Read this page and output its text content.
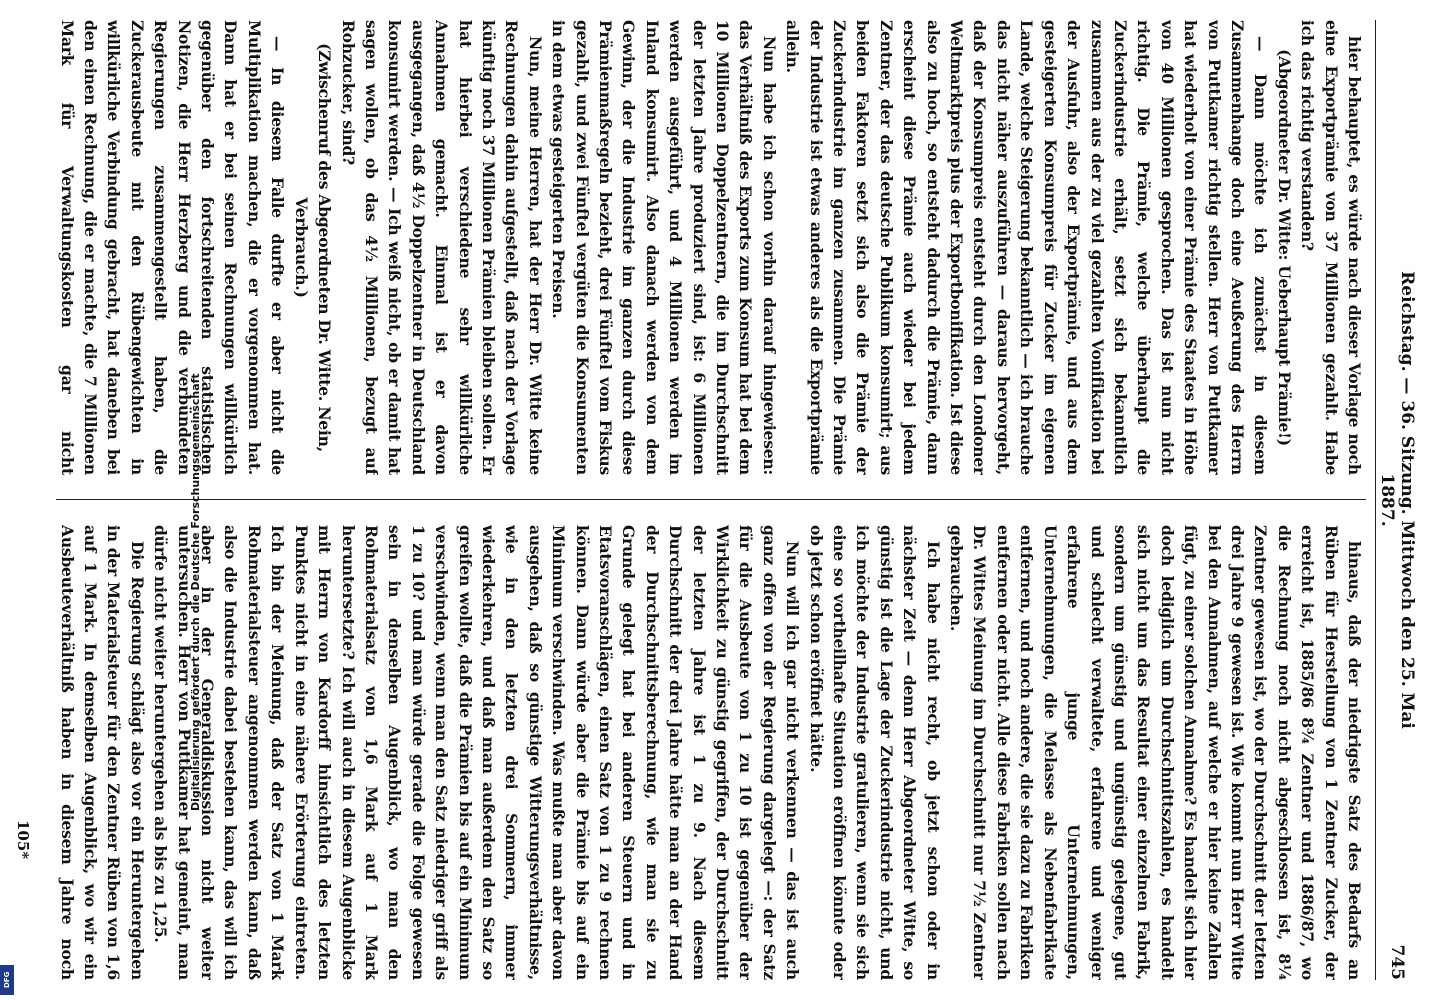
Reichstag. — 36. Sitzung. Mittwoch den 25. Mai 1887.
745

hier behauptet, es würde nach dieser Vorlage noch eine Exportprämie von 37 Millionen gezahlt. Habe ich das richtig verstanden?

(Abgeordneter Dr. Witte: Ueberhaupt Prämie!)

— Dann möchte ich zunächst in diesem Zusammenhange doch eine Aeußerung des Herrn von Puttkamer richtig stellen. Herr von Puttkamer hat wiederholt von einer Prämie des Staates in Höhe von 40 Millionen gesprochen. Das ist nun nicht richtig. Die Prämie, welche überhaupt die Zuckerindustrie erhält, setzt sich bekanntlich zusammen aus der zu viel gezahlten Vonifikation bei der Ausfuhr, also der Exportprämie, und aus dem gesteigerten Konsumpreis für Zucker im eigenen Lande, welche Steigerung bekanntlich — ich brauche das nicht näher auszuführen — daraus hervorgeht, daß der Konsumpreis entsteht durch den Londoner Weltmarktpreis plus der Exportbonifikation. Ist diese also zu hoch, so entsteht dadurch die Prämie, dann erscheint diese Prämie auch wieder bei jedem Zentner, der das deutsche Publikum konsumirt; aus beiden Faktoren setzt sich also die Prämie der Zuckerindustrie im ganzen zusammen. Die Prämie der Industrie ist etwas anderes als die Exportprämie allein.

Nun habe ich schon vorhin darauf hingewiesen: das Verhältniß des Exports zum Konsum hat bei dem 10 Millionen Doppelzentnern, die im Durchschnitt der letzten Jahre produziert sind, ist: 6 Millionen werden ausgeführt, und 4 Millionen werden im Inland konsumirt. Also danach werden von dem Gewinn, der die Industrie im ganzen durch diese Prämienmaßregeln bezieht, drei Fünftel vom Fiskus gezahlt, und zwei Fünftel vergüten die Konsumenten in dem etwas gesteigerten Preisen.

Nun, meine Herren, hat der Herr Dr. Witte keine Rechnungen dahin aufgestellt, daß nach der Vorlage künftig noch 37 Millionen Prämien bleiben sollen. Er hat hierbei verschiedene sehr willkürliche Annahmen gemacht. Einmal ist er davon ausgegangen, daß 4½ Doppelzentner in Deutschland konsumirt werden. — Ich weiß nicht, ob er damit hat sagen wollen, ob das 4½ Millionen, bezugt auf Rohzucker, sind?

(Zwischenruf des Abgeordneten Dr. Witte. Nein, Verbrauch.)

— In diesem Falle durfte er aber nicht die Multiplikation machen, die er vorgenommen hat. Dann hat er bei seinen Rechnungen willkürlich gegenüber den fortschreitenden statistischen Notizen, die Herr Herzberg und die verbündeten Regierungen zusammengestellt haben, die Zuckerausbeute mit den Rübengewichten in willkürliche Verbindung gebracht, hat daneben bei den einen Rechnung, die er machte, die 7 Millionen Mark für Verwaltungskosten gar nicht

hinaus, daß der niedrigste Satz des Bedarfs an Rüben für Herstellung von 1 Zentner Zucker, der erreicht ist, 1885/86 8¾ Zentner und 1886/87, wo die Rechnung noch nicht abgeschlossen ist, 8¼ Zentner gewesen ist, wo der Durchschnitt der letzten drei Jahre 9 gewesen ist. Wie kommt nun Herr Witte bei den Annahmen, auf welche er hier keine Zahlen fügt, zu einer solchen Annahme? Es handelt sich hier doch lediglich um Durchschnittszahlen, es handelt sich nicht um das Resultat einer einzelnen Fabrik, sondern um günstig und ungünstig gelegene, gut und schlecht verwaltete, erfahrene und weniger erfahrene junge Unternehmungen, Unternehmungen, die Melasse als Nebenfabrikate entfernen, und noch andere, die sie dazu zu Fabriken entfernen oder nicht. Alle diese Fabriken sollen nach Dr. Wittes Meinung im Durchschnitt nur 7½ Zentner gebrauchen.

Ich habe nicht recht, ob jetzt schon oder in nächster Zeit — denn Herr Abgeordneter Witte, so günstig ist die Lage der Zuckerindustrie nicht, und ich möchte der Industrie gratulieren, wenn sie sich eine so vortheilhafte Situation eröffnen könnte oder ob jetzt schon eröffnet hätte.

Nun will ich gar nicht verkennen — das ist auch ganz offen von der Regierung dargelegt —: der Satz für die Ausbeute von 1 zu 10 ist gegenüber der Wirklichkeit zu günstig gegriffen, der Durchschnitt der letzten Jahre ist 1 zu 9. Nach diesem Durchschnitt der drei Jahre hätte man an der Hand der Durchschnittsberechnung, wie man sie zu Grunde gelegt hat bei anderen Steuern und in Etatsvoranschlägen, einen Satz von 1 zu 9 rechnen können. Dann würde aber die Prämie bis auf ein Minimum verschwinden. Was mußte man aber davon ausgehen, daß so günstige Witterungsverhältnisse, wie in den letzten drei Sommern, immer wiederkehren, und daß man außerdem den Satz so greifen wollte, daß die Prämien bis auf ein Minimum verschwinden, wenn man den Satz niedriger griff als 1 zu 10? und man würde gerade die Folge gewesen sein in denselben Augenblick, wo man den Rohmaterialsatz von 1,6 Mark auf 1 Mark heruntersetzte? Ich will auch in diesem Augenblicke mit Herrn von Kardorff hinsichtlich des letzten Punktes nicht in eine nähere Erörterung eintreten. Ich bin der Meinung, daß der Satz von 1 Mark Rohmaterialsteuer angenommen werden kann, daß also die Industrie dabei bestehen kann, das will ich aber in der Generaldiskussion nicht weiter untersuchen. Herr von Puttkamer hat gemeint, man dürfe nicht weiter heruntergehen als bis zu 1,25.

Die Regierung schlägt also vor ein Heruntergehen in der Materialsteuer für den Zentner Rüben von 1,6 auf 1 Mark. In demselben Augenblick, wo wir ein Ausbeuteverhältniß haben in diesem Jahre noch

105*
Digitalisierung gefördert durch die Deutsche Forschungsgemeinschaft
DFG
